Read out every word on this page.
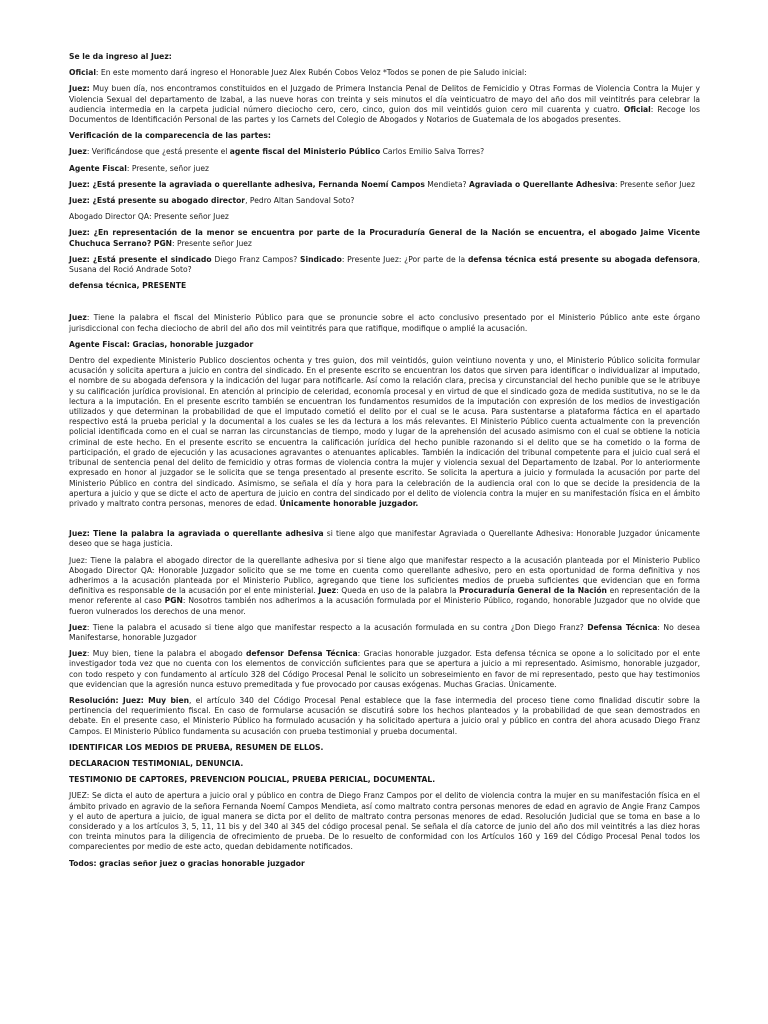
Se le da ingreso al Juez:

Oficial: En este momento dará ingreso el Honorable Juez Alex Rubén Cobos Veloz *Todos se ponen de pie Saludo inicial:

Juez: Muy buen día, nos encontramos constituidos en el Juzgado de Primera Instancia Penal de Delitos de Femicidio y Otras Formas de Violencia Contra la Mujer y Violencia Sexual del departamento de Izabal, a las nueve horas con treinta y seis minutos el día veinticuatro de mayo del año dos mil veintitrés para celebrar la audiencia intermedia en la carpeta judicial número dieciocho cero, cero, cinco, guion dos mil veintidós guion cero mil cuarenta y cuatro. Oficial: Recoge los Documentos de Identificación Personal de las partes y los Carnets del Colegio de Abogados y Notarios de Guatemala de los abogados presentes.

Verificación de la comparecencia de las partes:

Juez: Verificándose que ¿está presente el agente fiscal del Ministerio Público Carlos Emilio Salva Torres?

Agente Fiscal: Presente, señor juez

Juez: ¿Está presente la agraviada o querellante adhesiva, Fernanda Noemí Campos Mendieta? Agraviada o Querellante Adhesiva: Presente señor Juez

Juez: ¿Está presente su abogado director, Pedro Altan Sandoval Soto?

Abogado Director QA: Presente señor Juez

Juez: ¿En representación de la menor se encuentra por parte de la Procuraduría General de la Nación se encuentra, el abogado Jaime Vicente Chuchuca Serrano? PGN: Presente señor Juez

Juez: ¿Está presente el sindicado Diego Franz Campos? Sindicado: Presente Juez: ¿Por parte de la defensa técnica está presente su abogada defensora, Susana del Roció Andrade Soto?

defensa técnica, PRESENTE

Juez: Tiene la palabra el fiscal del Ministerio Público para que se pronuncie sobre el acto conclusivo presentado por el Ministerio Público ante este órgano jurisdiccional con fecha dieciocho de abril del año dos mil veintitrés para que ratifique, modifique o amplié la acusación.

Agente Fiscal: Gracias, honorable juzgador

Dentro del expediente Ministerio Publico doscientos ochenta y tres guion, dos mil veintidós, guion veintiuno noventa y uno, el Ministerio Público solicita formular acusación y solicita apertura a juicio en contra del sindicado. En el presente escrito se encuentran los datos que sirven para identificar o individualizar al imputado, el nombre de su abogada defensora y la indicación del lugar para notificarle. Así como la relación clara, precisa y circunstancial del hecho punible que se le atribuye y su calificación jurídica provisional. En atención al principio de celeridad, economía procesal y en virtud de que el sindicado goza de medida sustitutiva, no se le da lectura a la imputación. En el presente escrito también se encuentran los fundamentos resumidos de la imputación con expresión de los medios de investigación utilizados y que determinan la probabilidad de que el imputado cometió el delito por el cual se le acusa. Para sustentarse a plataforma fáctica en el apartado respectivo está la prueba pericial y la documental a los cuales se les da lectura a los más relevantes. El Ministerio Público cuenta actualmente con la prevención policial identificada como en el cual se narran las circunstancias de tiempo, modo y lugar de la aprehensión del acusado asimismo con el cual se obtiene la noticia criminal de este hecho. En el presente escrito se encuentra la calificación jurídica del hecho punible razonando si el delito que se ha cometido o la forma de participación, el grado de ejecución y las acusaciones agravantes o atenuantes aplicables. También la indicación del tribunal competente para el juicio cual será el tribunal de sentencia penal del delito de femicidio y otras formas de violencia contra la mujer y violencia sexual del Departamento de Izabal. Por lo anteriormente expresado en honor al juzgador se le solicita que se tenga presentado al presente escrito. Se solicita la apertura a juicio y formulada la acusación por parte del Ministerio Público en contra del sindicado. Asimismo, se señala el día y hora para la celebración de la audiencia oral con lo que se decide la presidencia de la apertura a juicio y que se dicte el acto de apertura de juicio en contra del sindicado por el delito de violencia contra la mujer en su manifestación física en el ámbito privado y maltrato contra personas, menores de edad. Únicamente honorable juzgador.

Juez: Tiene la palabra la agraviada o querellante adhesiva si tiene algo que manifestar Agraviada o Querellante Adhesiva: Honorable Juzgador únicamente deseo que se haga justicia.

Juez: Tiene la palabra el abogado director de la querellante adhesiva por si tiene algo que manifestar respecto a la acusación planteada por el Ministerio Publico Abogado Director QA: Honorable Juzgador solicito que se me tome en cuenta como querellante adhesivo, pero en esta oportunidad de forma definitiva y nos adherimos a la acusación planteada por el Ministerio Publico, agregando que tiene los suficientes medios de prueba suficientes que evidencian que en forma definitiva es responsable de la acusación por el ente ministerial. Juez: Queda en uso de la palabra la Procuraduría General de la Nación en representación de la menor referente al caso PGN: Nosotros también nos adherimos a la acusación formulada por el Ministerio Público, rogando, honorable Juzgador que no olvide que fueron vulnerados los derechos de una menor.

Juez: Tiene la palabra el acusado si tiene algo que manifestar respecto a la acusación formulada en su contra ¿Don Diego Franz? Defensa Técnica: No desea Manifestarse, honorable Juzgador

Juez: Muy bien, tiene la palabra el abogado defensor Defensa Técnica: Gracias honorable juzgador. Esta defensa técnica se opone a lo solicitado por el ente investigador toda vez que no cuenta con los elementos de convicción suficientes para que se apertura a juicio a mi representado. Asimismo, honorable juzgador, con todo respeto y con fundamento al artículo 328 del Código Procesal Penal le solicito un sobreseimiento en favor de mi representado, pesto que hay testimonios que evidencian que la agresión nunca estuvo premeditada y fue provocado por causas exógenas. Muchas Gracias. Únicamente.

Resolución: Juez: Muy bien, el artículo 340 del Código Procesal Penal establece que la fase intermedia del proceso tiene como finalidad discutir sobre la pertinencia del requerimiento fiscal. En caso de formularse acusación se discutirá sobre los hechos planteados y la probabilidad de que sean demostrados en debate. En el presente caso, el Ministerio Público ha formulado acusación y ha solicitado apertura a juicio oral y público en contra del ahora acusado Diego Franz Campos. El Ministerio Público fundamenta su acusación con prueba testimonial y prueba documental.

IDENTIFICAR LOS MEDIOS DE PRUEBA, RESUMEN DE ELLOS.

DECLARACION TESTIMONIAL, DENUNCIA.

TESTIMONIO DE CAPTORES, PREVENCION POLICIAL, PRUEBA PERICIAL, DOCUMENTAL.

JUEZ: Se dicta el auto de apertura a juicio oral y público en contra de Diego Franz Campos por el delito de violencia contra la mujer en su manifestación física en el ámbito privado en agravio de la señora Fernanda Noemí Campos Mendieta, así como maltrato contra personas menores de edad en agravio de Angie Franz Campos y el auto de apertura a juicio, de igual manera se dicta por el delito de maltrato contra personas menores de edad. Resolución Judicial que se toma en base a lo considerado y a los artículos 3, 5, 11, 11 bis y del 340 al 345 del código procesal penal. Se señala el día catorce de junio del año dos mil veintitrés a las diez horas con treinta minutos para la diligencia de ofrecimiento de prueba. De lo resuelto de conformidad con los Artículos 160 y 169 del Código Procesal Penal todos los comparecientes por medio de este acto, quedan debidamente notificados.

Todos: gracias señor juez o gracias honorable juzgador
